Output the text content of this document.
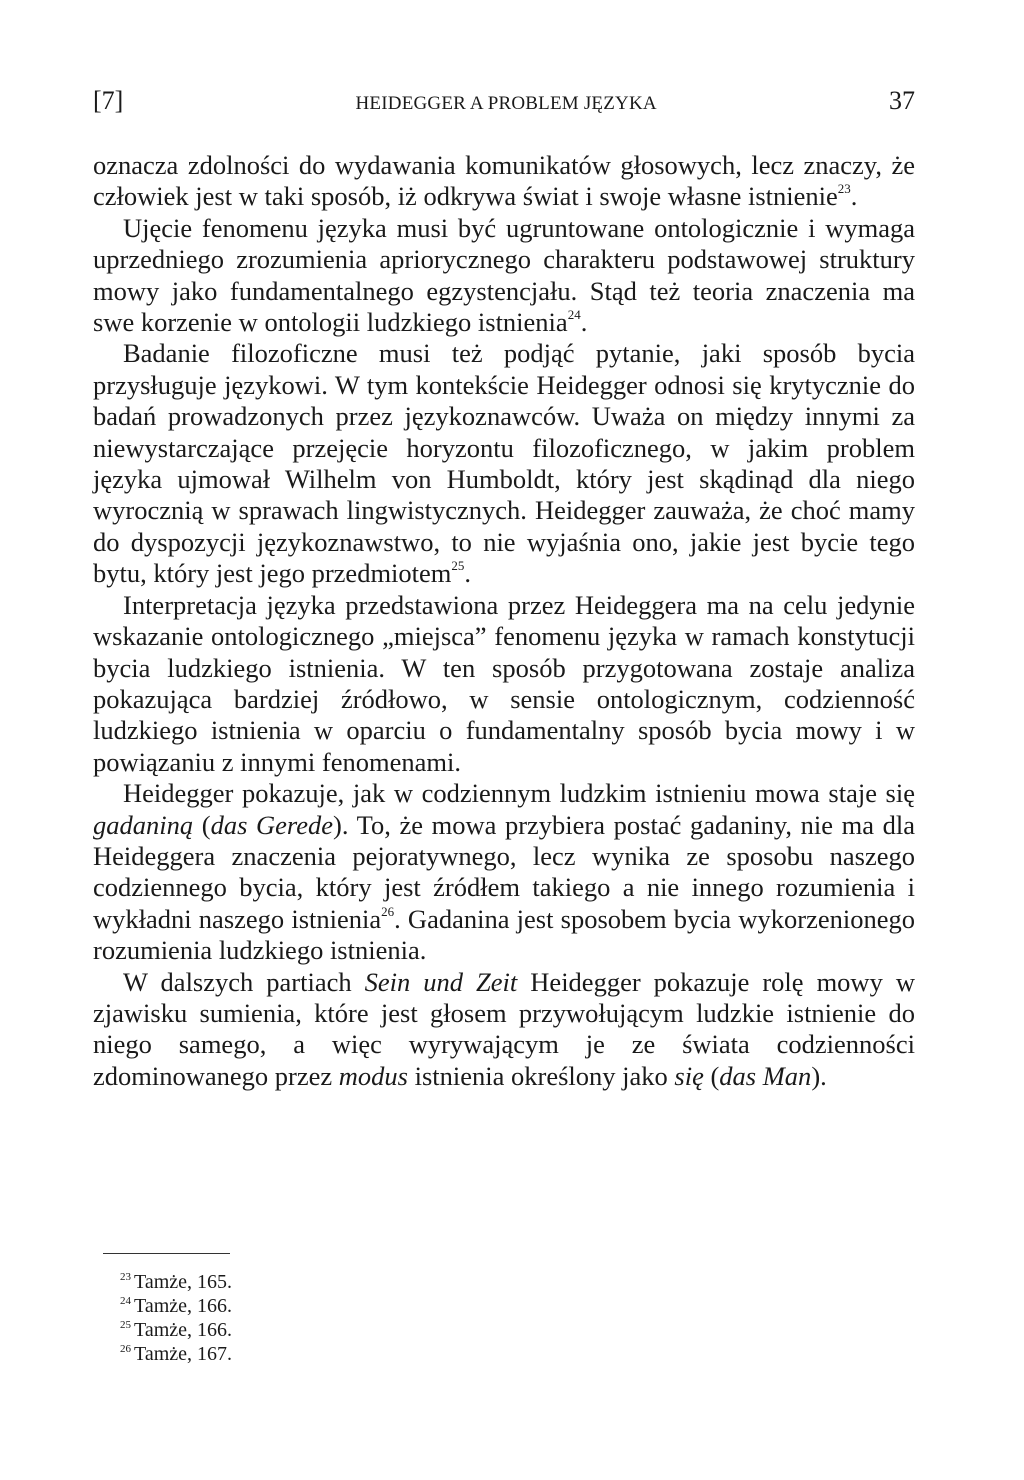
[7]	HEIDEGGER A PROBLEM JĘZYKA	37

oznacza zdolności do wydawania komunikatów głosowych, lecz znaczy, że człowiek jest w taki sposób, iż odkrywa świat i swoje własne istnienie$^{23}$.

Ujęcie fenomenu języka musi być ugruntowane ontologicznie i wymaga uprzedniego zrozumienia apriorycznego charakteru podstawowej struktury mowy jako fundamentalnego egzystencjału. Stąd też teoria znaczenia ma swe korzenie w ontologii ludzkiego istnienia$^{24}$.

Badanie filozoficzne musi też podjąć pytanie, jaki sposób bycia przysługuje językowi. W tym kontekście Heidegger odnosi się krytycznie do badań prowadzonych przez językoznawców. Uważa on między innymi za niewystarczające przejęcie horyzontu filozoficznego, w jakim problem języka ujmował Wilhelm von Humboldt, który jest skądinąd dla niego wyrocznią w sprawach lingwistycznych. Heidegger zauważa, że choć mamy do dyspozycji językoznawstwo, to nie wyjaśnia ono, jakie jest bycie tego bytu, który jest jego przedmiotem$^{25}$.

Interpretacja języka przedstawiona przez Heideggera ma na celu jedynie wskazanie ontologicznego „miejsca” fenomenu języka w ramach konstytucji bycia ludzkiego istnienia. W ten sposób przygotowana zostaje analiza pokazująca bardziej źródłowo, w sensie ontologicznym, codzienność ludzkiego istnienia w oparciu o fundamentalny sposób bycia mowy i w powiązaniu z innymi fenomenami.

Heidegger pokazuje, jak w codziennym ludzkim istnieniu mowa staje się gadaniną (das Gerede). To, że mowa przybiera postać gadaniny, nie ma dla Heideggera znaczenia pejoratywnego, lecz wynika ze sposobu naszego codziennego bycia, który jest źródłem takiego a nie innego rozumienia i wykładni naszego istnienia$^{26}$. Gadanina jest sposobem bycia wykorzenionego rozumienia ludzkiego istnienia.

W dalszych partiach Sein und Zeit Heidegger pokazuje rolę mowy w zjawisku sumienia, które jest głosem przywołującym ludzkie istnienie do niego samego, a więc wyrywającym je ze świata codzienności zdominowanego przez modus istnienia określony jako się (das Man).

$^{23}$ Tamże, 165.
$^{24}$ Tamże, 166.
$^{25}$ Tamże, 166.
$^{26}$ Tamże, 167.
